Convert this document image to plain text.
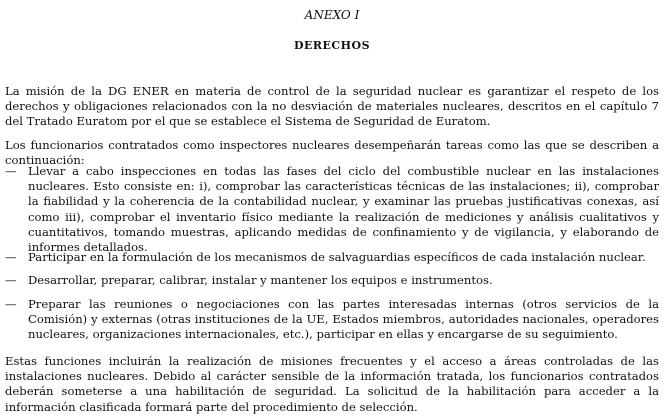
ANEXO I
DERECHOS

La misión de la DG ENER en materia de control de la seguridad nuclear es garantizar el respeto de los derechos y obligaciones relacionados con la no desviación de materiales nucleares, descritos en el capítulo 7 del Tratado Euratom por el que se establece el Sistema de Seguridad de Euratom.

Los funcionarios contratados como inspectores nucleares desempeñarán tareas como las que se describen a continuación:

— Llevar a cabo inspecciones en todas las fases del ciclo del combustible nuclear en las instalaciones nucleares. Esto consiste en: i), comprobar las características técnicas de las instalaciones; ii), comprobar la fiabilidad y la coherencia de la contabilidad nuclear, y examinar las pruebas justificativas conexas, así como iii), comprobar el inventario físico mediante la realización de mediciones y análisis cualitativos y cuantitativos, tomando muestras, aplicando medidas de confinamiento y de vigilancia, y elaborando de informes detallados.
— Participar en la formulación de los mecanismos de salvaguardias específicos de cada instalación nuclear.
— Desarrollar, preparar, calibrar, instalar y mantener los equipos e instrumentos.
— Preparar las reuniones o negociaciones con las partes interesadas internas (otros servicios de la Comisión) y externas (otras instituciones de la UE, Estados miembros, autoridades nacionales, operadores nucleares, organizaciones internacionales, etc.), participar en ellas y encargarse de su seguimiento.

Estas funciones incluirán la realización de misiones frecuentes y el acceso a áreas controladas de las instalaciones nucleares. Debido al carácter sensible de la información tratada, los funcionarios contratados deberán someterse a una habilitación de seguridad. La solicitud de la habilitación para acceder a la información clasificada formará parte del procedimiento de selección.
